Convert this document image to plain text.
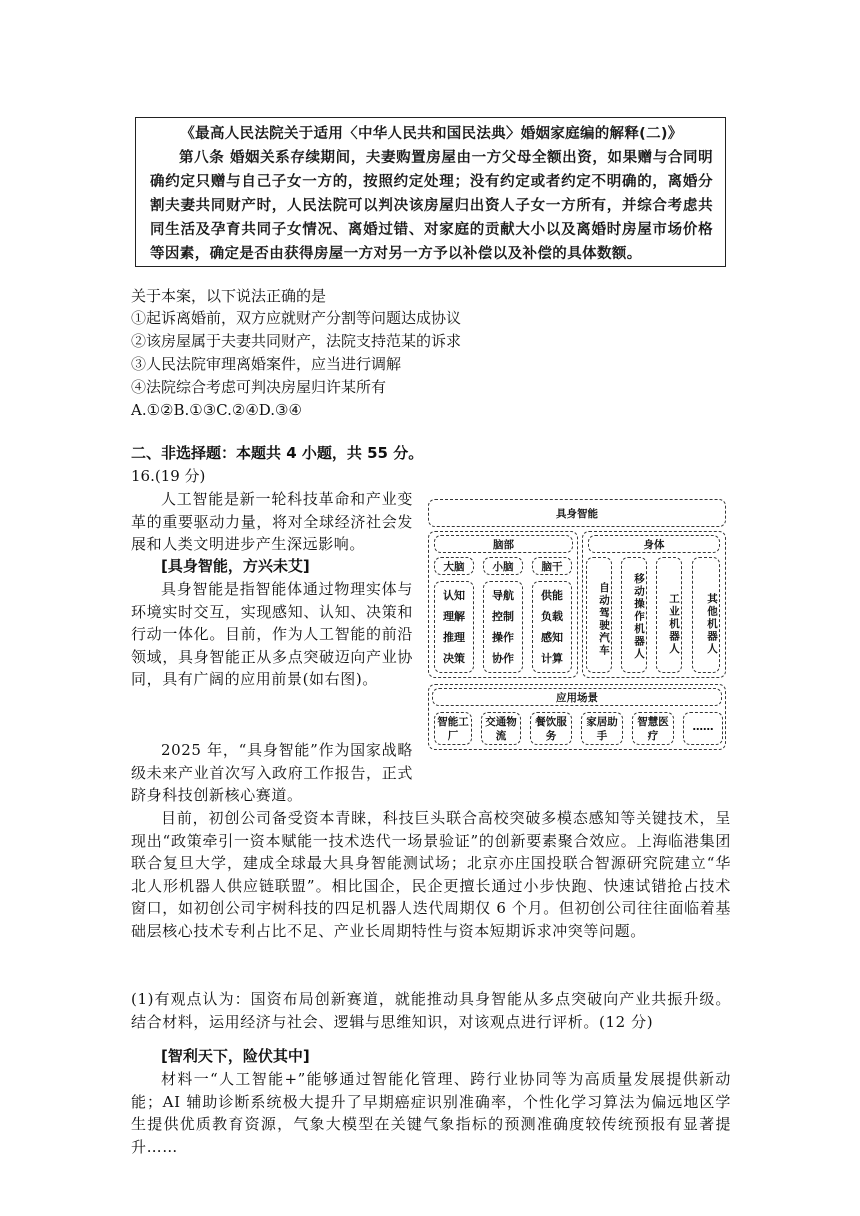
《最高人民法院关于适用〈中华人民共和国民法典〉婚姻家庭编的解释(二)》
第八条 婚姻关系存续期间，夫妻购置房屋由一方父母全额出资，如果赠与合同明确约定只赠与自己子女一方的，按照约定处理；没有约定或者约定不明确的，离婚分割夫妻共同财产时，人民法院可以判决该房屋归出资人子女一方所有，并综合考虑共同生活及孕育共同子女情况、离婚过错、对家庭的贡献大小以及离婚时房屋市场价格等因素，确定是否由获得房屋一方对另一方予以补偿以及补偿的具体数额。
关于本案，以下说法正确的是
①起诉离婚前，双方应就财产分割等问题达成协议
②该房屋属于夫妻共同财产，法院支持范某的诉求
③人民法院审理离婚案件，应当进行调解
④法院综合考虑可判决房屋归许某所有
A.①②B.①③C.②④D.③④
二、非选择题：本题共 4 小题，共 55 分。
16.(19 分)
人工智能是新一轮科技革命和产业变革的重要驱动力量，将对全球经济社会发展和人类文明进步产生深远影响。
[具身智能，方兴未艾]
具身智能是指智能体通过物理实体与环境实时交互，实现感知、认知、决策和行动一体化。目前，作为人工智能的前沿领域，具身智能正从多点突破迈向产业协同，具有广阔的应用前景(如右图)。
2025 年，“具身智能”作为国家战略级未来产业首次写入政府工作报告，正式跻身科技创新核心赛道。
目前，初创公司备受资本青睐，科技巨头联合高校突破多模态感知等关键技术，呈现出“政策牵引一资本赋能一技术迭代一场景验证”的创新要素聚合效应。上海临港集团联合复旦大学，建成全球最大具身智能测试场；北京亦庄国投联合智源研究院建立“华北人形机器人供应链联盟”。相比国企，民企更擅长通过小步快跑、快速试错抢占技术窗口，如初创公司宇树科技的四足机器人迭代周期仅 6 个月。但初创公司往往面临着基础层核心技术专利占比不足、产业长周期特性与资本短期诉求冲突等问题。
(1)有观点认为：国资布局创新赛道，就能推动具身智能从多点突破向产业共振升级。结合材料，运用经济与社会、逻辑与思维知识，对该观点进行评析。(12 分)
[智利天下，险伏其中]
材料一“人工智能+”能够通过智能化管理、跨行业协同等为高质量发展提供新动能；AI 辅助诊断系统极大提升了早期癌症识别准确率，个性化学习算法为偏远地区学生提供优质教育资源，气象大模型在关键气象指标的预测准确度较传统预报有显著提升……
具身智能
脑部
大脑	小脑	脑干
认知
理解
推理
决策
导航
控制
操作
协作
供能
负载
感知
计算
身体
自动驾驶汽车	移动操作机器人	工业机器人	其他机器人
应用场景
智能工厂
交通物流
餐饮服务
家居助手
智慧医疗
……
